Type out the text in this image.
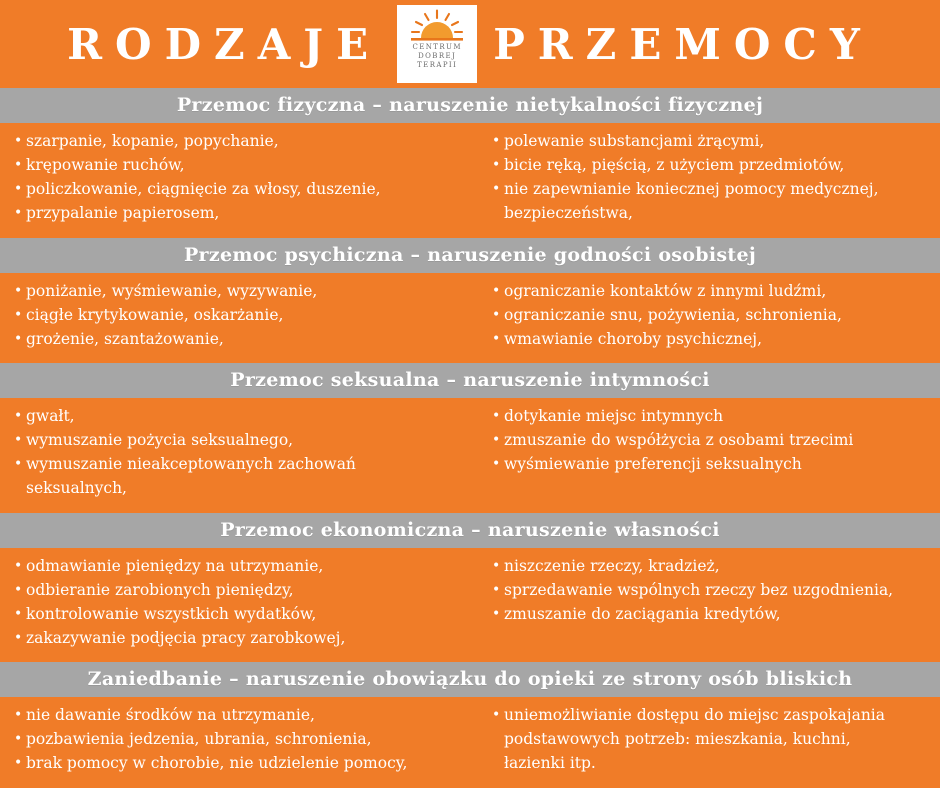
RODZAJE	CENTRUM
DOBREJ
TERAPII PRZEMOCY
Przemoc fizyczna – naruszenie nietykalności fizycznej
• szarpanie, kopanie, popychanie,
• krępowanie ruchów,
• policzkowanie, ciągnięcie za włosy, duszenie,
• przypalanie papierosem,
• polewanie substancjami żrącymi,
• bicie ręką, pięścią, z użyciem przedmiotów,
• nie zapewnianie koniecznej pomocy medycznej,
bezpieczeństwa,
Przemoc psychiczna – naruszenie godności osobistej
• poniżanie, wyśmiewanie, wyzywanie,
• ciągłe krytykowanie, oskarżanie,
• grożenie, szantażowanie,
• ograniczanie kontaktów z innymi ludźmi,
• ograniczanie snu, pożywienia, schronienia,
• wmawianie choroby psychicznej,
Przemoc seksualna – naruszenie intymności
• gwałt,
• wymuszanie pożycia seksualnego,
• wymuszanie nieakceptowanych zachowań
seksualnych,
• dotykanie miejsc intymnych
• zmuszanie do współżycia z osobami trzecimi
• wyśmiewanie preferencji seksualnych
Przemoc ekonomiczna – naruszenie własności
• odmawianie pieniędzy na utrzymanie,
• odbieranie zarobionych pieniędzy,
• kontrolowanie wszystkich wydatków,
• zakazywanie podjęcia pracy zarobkowej,
• niszczenie rzeczy, kradzież,
• sprzedawanie wspólnych rzeczy bez uzgodnienia,
• zmuszanie do zaciągania kredytów,
Zaniedbanie – naruszenie obowiązku do opieki ze strony osób bliskich
• nie dawanie środków na utrzymanie,
• pozbawienia jedzenia, ubrania, schronienia,
• brak pomocy w chorobie, nie udzielenie pomocy,
• uniemożliwianie dostępu do miejsc zaspokajania
podstawowych potrzeb: mieszkania, kuchni,
łazienki itp.
